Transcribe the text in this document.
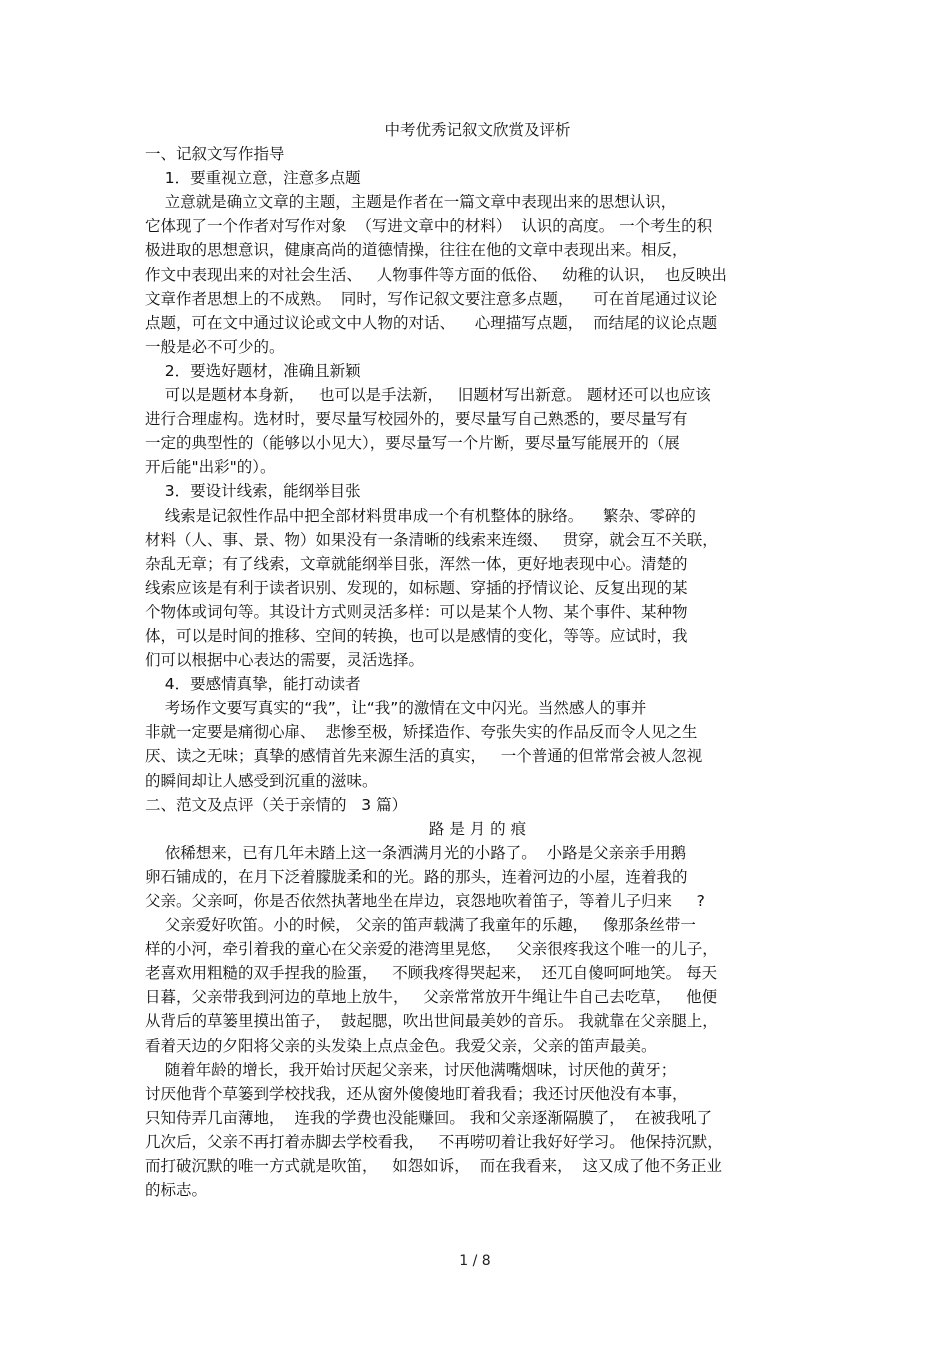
中考优秀记叙文欣赏及评析
一、记叙文写作指导
1．要重视立意，注意多点题
立意就是确立文章的主题，主题是作者在一篇文章中表现出来的思想认识，
它体现了一个作者对写作对象  （写进文章中的材料）  认识的高度。 一个考生的积
极进取的思想意识，健康高尚的道德情操，往往在他的文章中表现出来。相反，
作文中表现出来的对社会生活、   人物事件等方面的低俗、   幼稚的认识，  也反映出
文章作者思想上的不成熟。  同时，写作记叙文要注意多点题，    可在首尾通过议论
点题，可在文中通过议论或文中人物的对话、    心理描写点题，  而结尾的议论点题
一般是必不可少的。
2．要选好题材，准确且新颖
可以是题材本身新，   也可以是手法新，   旧题材写出新意。 题材还可以也应该
进行合理虚构。选材时，要尽量写校园外的，要尽量写自己熟悉的，要尽量写有
一定的典型性的（能够以小见大），要尽量写一个片断，要尽量写能展开的（展
开后能"出彩"的）。
3．要设计线索，能纲举目张
线索是记叙性作品中把全部材料贯串成一个有机整体的脉络。    繁杂、零碎的
材料（人、事、景、物）如果没有一条清晰的线索来连缀、   贯穿，就会互不关联，
杂乱无章；有了线索，文章就能纲举目张，浑然一体，更好地表现中心。清楚的
线索应该是有利于读者识别、发现的，如标题、穿插的抒情议论、反复出现的某
个物体或词句等。其设计方式则灵活多样：可以是某个人物、某个事件、某种物
体，可以是时间的推移、空间的转换，也可以是感情的变化，等等。应试时，我
们可以根据中心表达的需要，灵活选择。
4．要感情真挚，能打动读者
考场作文要写真实的“我”，让“我”的激情在文中闪光。当然感人的事并
非就一定要是痛彻心扉、  悲惨至极，矫揉造作、夸张失实的作品反而令人见之生
厌、读之无味；真挚的感情首先来源生活的真实，   一个普通的但常常会被人忽视
的瞬间却让人感受到沉重的滋味。
二、范文及点评（关于亲情的   3 篇）
路 是 月 的 痕
依稀想来，已有几年未踏上这一条洒满月光的小路了。  小路是父亲亲手用鹅
卵石铺成的，在月下泛着朦胧柔和的光。路的那头，连着河边的小屋，连着我的
父亲。父亲呵，你是否依然执著地坐在岸边，哀怨地吹着笛子，等着儿子归来     ?
父亲爱好吹笛。小的时候， 父亲的笛声载满了我童年的乐趣，   像那条丝带一
样的小河，牵引着我的童心在父亲爱的港湾里晃悠，   父亲很疼我这个唯一的儿子，
老喜欢用粗糙的双手捏我的脸蛋，   不顾我疼得哭起来，  还兀自傻呵呵地笑。 每天
日暮，父亲带我到河边的草地上放牛，   父亲常常放开牛绳让牛自己去吃草，   他便
从背后的草篓里摸出笛子，  鼓起腮，吹出世间最美妙的音乐。 我就靠在父亲腿上，
看着天边的夕阳将父亲的头发染上点点金色。我爱父亲，父亲的笛声最美。
随着年龄的增长，我开始讨厌起父亲来，讨厌他满嘴烟味，讨厌他的黄牙；
讨厌他背个草篓到学校找我，还从窗外傻傻地盯着我看；我还讨厌他没有本事，
只知侍弄几亩薄地，  连我的学费也没能赚回。 我和父亲逐渐隔膜了，  在被我吼了
几次后，父亲不再打着赤脚去学校看我，   不再唠叨着让我好好学习。 他保持沉默，
而打破沉默的唯一方式就是吹笛，   如怨如诉，  而在我看来，  这又成了他不务正业
的标志。
1 / 8
